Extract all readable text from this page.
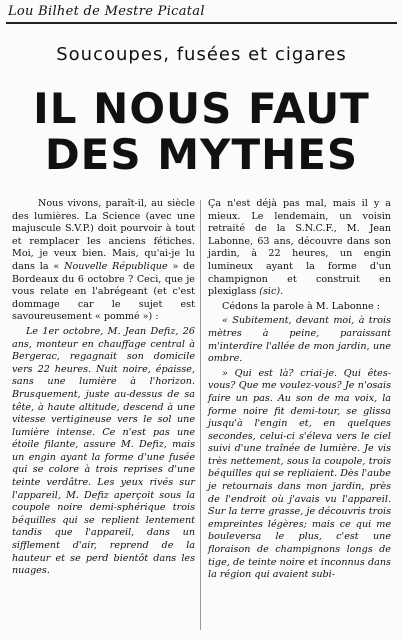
Lou Bilhet de Mestre Picatal
Soucoupes, fusées et cigares
IL NOUS FAUT
DES MYTHES

Nous vivons, paraît-il, au siècle des lumières. La Science (avec une majuscule S.V.P.) doit pourvoir à tout et remplacer les anciens fétiches. Moi, je veux bien. Mais, qu'ai-je lu dans la « Nouvelle République » de Bordeaux du 6 octobre ? Ceci, que je vous relate en l'abrégeant (et c'est dommage car le sujet est savoureusement « pommé ») :

Le 1er octobre, M. Jean Defiz, 26 ans, monteur en chauffage central à Bergerac, regagnait son domicile vers 22 heures. Nuit noire, épaisse, sans une lumière à l'horizon. Brusquement, juste au-dessus de sa tête, à haute altitude, descend à une vitesse vertigineuse vers le sol une lumière intense. Ce n'est pas une étoile filante, assure M. Defiz, mais un engin ayant la forme d'une fusée qui se colore à trois reprises d'une teinte verdâtre. Les yeux rivés sur l'appareil, M. Defiz aperçoit sous la coupole noire demi-sphérique trois béquilles qui se replient lentement tandis que l'appareil, dans un sifflement d'air, reprend de la hauteur et se perd bientôt dans les nuages.

Ça n'est déjà pas mal, mais il y a mieux. Le lendemain, un voisin retraité de la S.N.C.F., M. Jean Labonne, 63 ans, découvre dans son jardin, à 22 heures, un engin lumineux ayant la forme d'un champignon et construit en plexiglass (sic).

Cédons la parole à M. Labonne :

« Subitement, devant moi, à trois mètres à peine, paraissant m'interdire l'allée de mon jardin, une ombre.

» Qui est là? criai-je. Qui êtes-vous? Que me voulez-vous? Je n'osais faire un pas. Au son de ma voix, la forme noire fit demi-tour, se glissa jusqu'à l'engin et, en quelques secondes, celui-ci s'éleva vers le ciel suivi d'une traînée de lumière. Je vis très nettement, sous la coupole, trois béquilles qui se repliaient. Dès l'aube je retournais dans mon jardin, près de l'endroit où j'avais vu l'appareil. Sur la terre grasse, je découvris trois empreintes légères; mais ce qui me bouleversa le plus, c'est une floraison de champignons longs de tige, de teinte noire et inconnus dans la région qui avaient subi-
